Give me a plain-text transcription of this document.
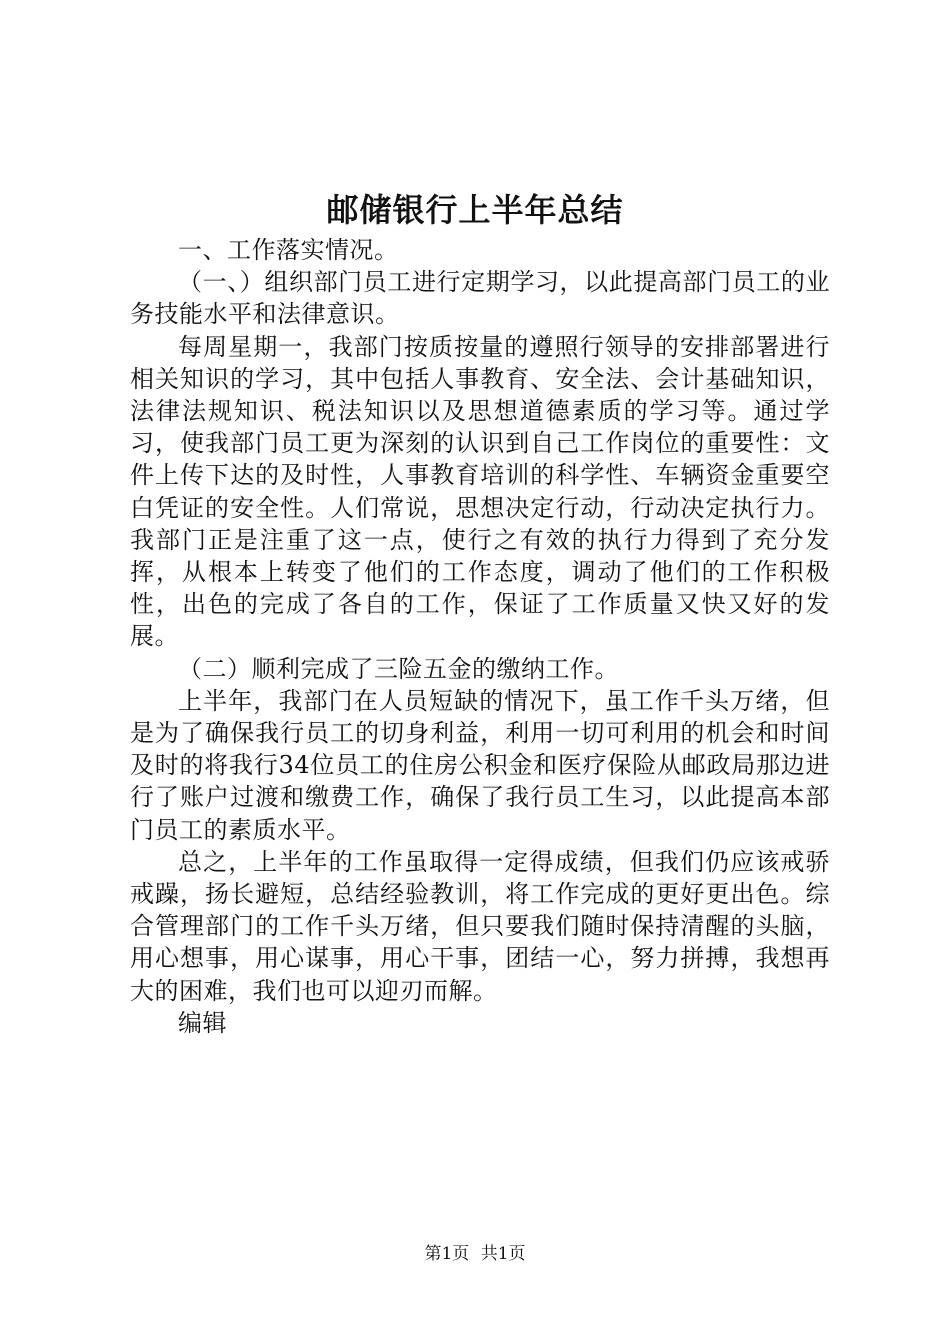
邮储银行上半年总结

一、工作落实情况。

（一、）组织部门员工进行定期学习，以此提高部门员工的业务技能水平和法律意识。

每周星期一，我部门按质按量的遵照行领导的安排部署进行相关知识的学习，其中包括人事教育、安全法、会计基础知识，法律法规知识、税法知识以及思想道德素质的学习等。通过学习，使我部门员工更为深刻的认识到自己工作岗位的重要性：文件上传下达的及时性，人事教育培训的科学性、车辆资金重要空白凭证的安全性。人们常说，思想决定行动，行动决定执行力。我部门正是注重了这一点，使行之有效的执行力得到了充分发挥，从根本上转变了他们的工作态度，调动了他们的工作积极性，出色的完成了各自的工作，保证了工作质量又快又好的发展。

（二）顺利完成了三险五金的缴纳工作。

上半年，我部门在人员短缺的情况下，虽工作千头万绪，但是为了确保我行员工的切身利益，利用一切可利用的机会和时间及时的将我行34位员工的住房公积金和医疗保险从邮政局那边进行了账户过渡和缴费工作，确保了我行员工生习，以此提高本部门员工的素质水平。

总之，上半年的工作虽取得一定得成绩，但我们仍应该戒骄戒躁，扬长避短，总结经验教训，将工作完成的更好更出色。综合管理部门的工作千头万绪，但只要我们随时保持清醒的头脑，用心想事，用心谋事，用心干事，团结一心，努力拼搏，我想再大的困难，我们也可以迎刃而解。

编辑

第1页 共1页
